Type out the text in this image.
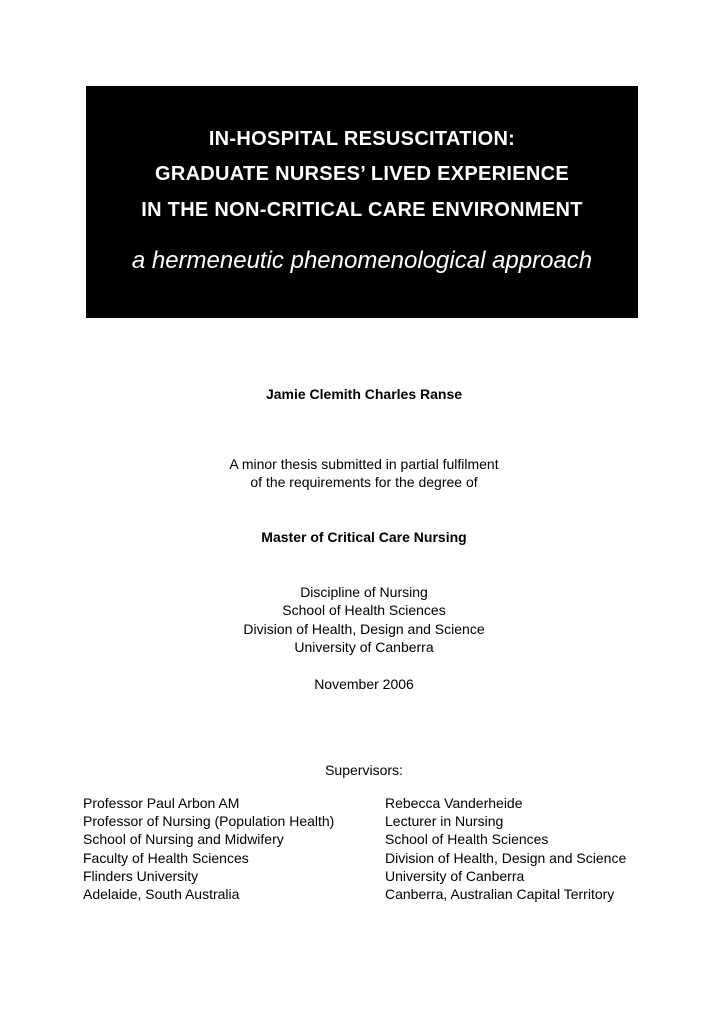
IN-HOSPITAL RESUSCITATION:
GRADUATE NURSES’ LIVED EXPERIENCE
IN THE NON-CRITICAL CARE ENVIRONMENT
a hermeneutic phenomenological approach
Jamie Clemith Charles Ranse
A minor thesis submitted in partial fulfilment
of the requirements for the degree of
Master of Critical Care Nursing
Discipline of Nursing
School of Health Sciences
Division of Health, Design and Science
University of Canberra
November 2006
Supervisors:
Professor Paul Arbon AM
Professor of Nursing (Population Health)
School of Nursing and Midwifery
Faculty of Health Sciences
Flinders University
Adelaide, South Australia
Rebecca Vanderheide
Lecturer in Nursing
School of Health Sciences
Division of Health, Design and Science
University of Canberra
Canberra, Australian Capital Territory
